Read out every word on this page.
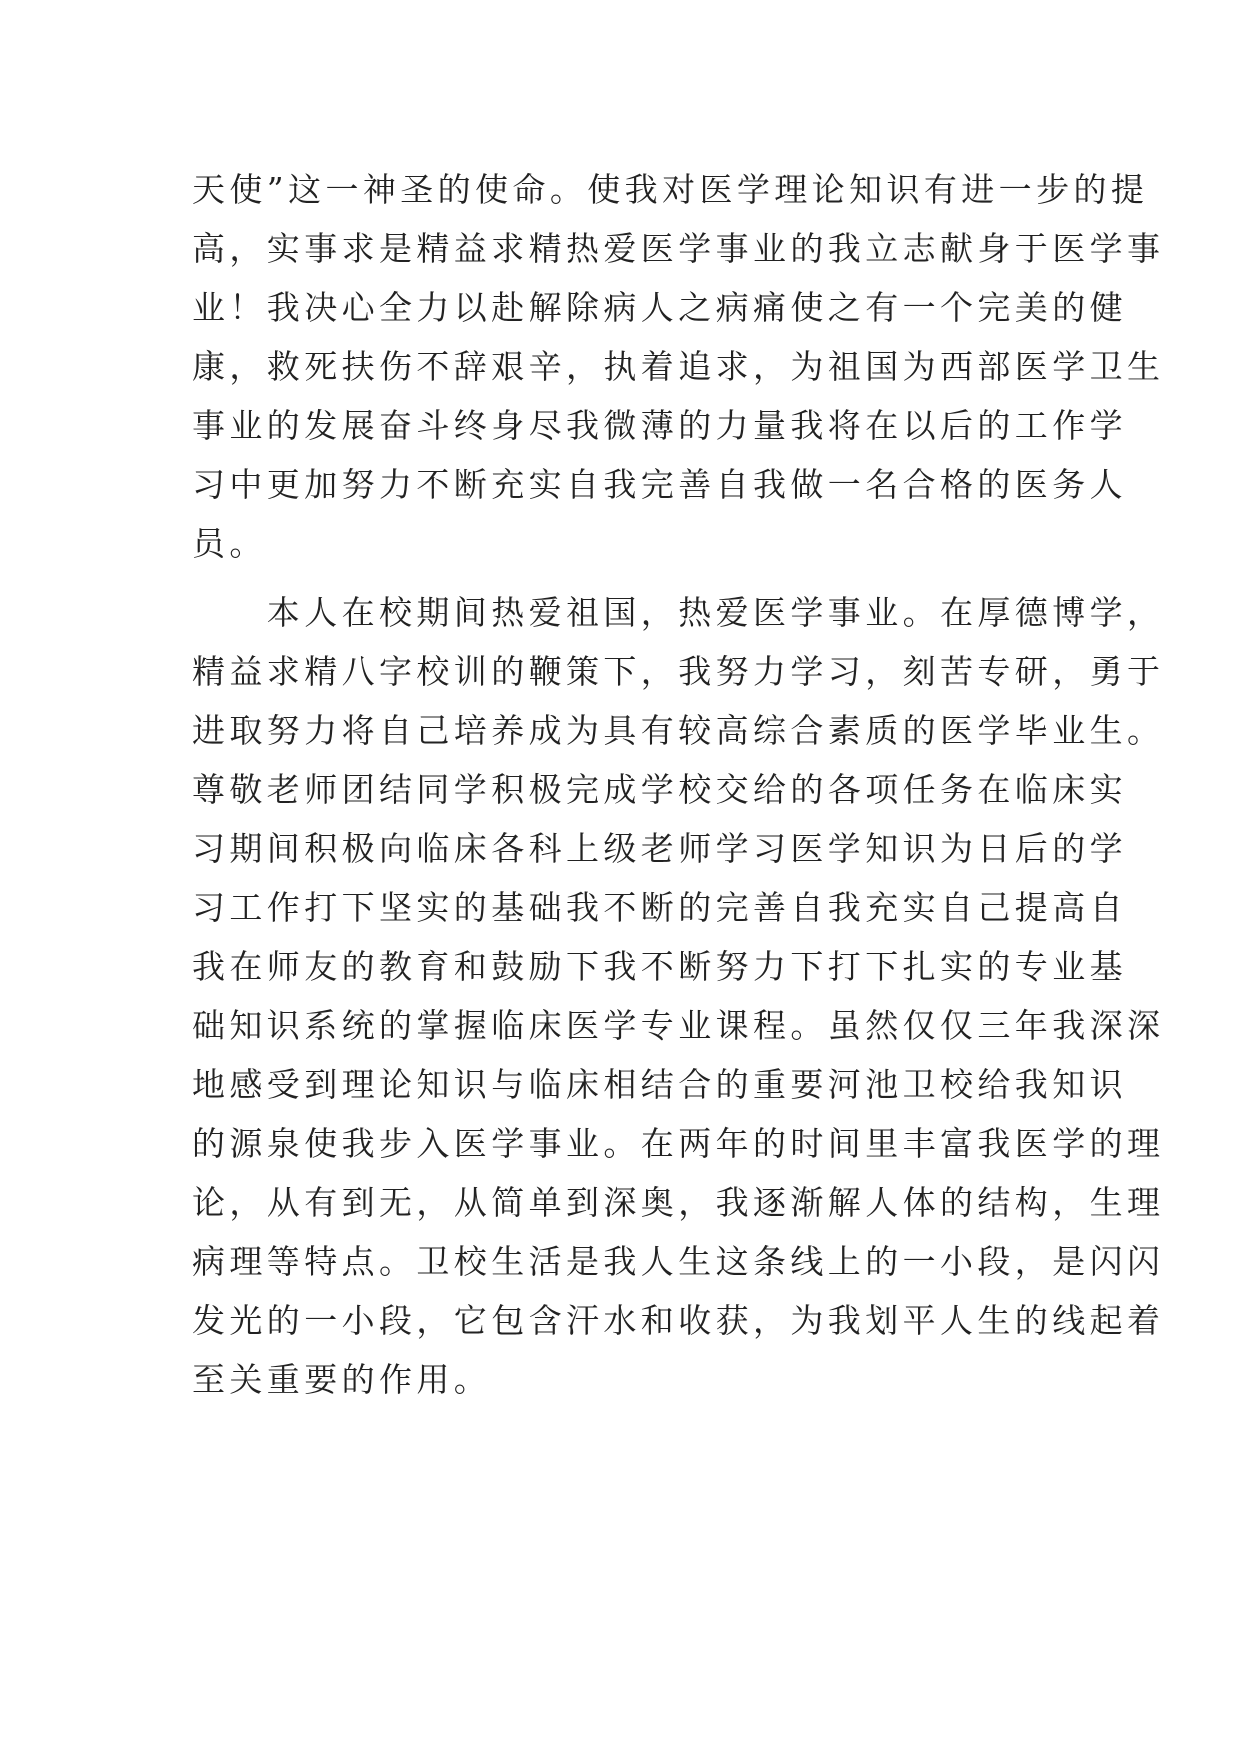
天使”这一神圣的使命。使我对医学理论知识有进一步的提
高，实事求是精益求精热爱医学事业的我立志献身于医学事
业！我决心全力以赴解除病人之病痛使之有一个完美的健
康，救死扶伤不辞艰辛，执着追求，为祖国为西部医学卫生
事业的发展奋斗终身尽我微薄的力量我将在以后的工作学
习中更加努力不断充实自我完善自我做一名合格的医务人
员。
　　本人在校期间热爱祖国，热爱医学事业。在厚德博学，
精益求精八字校训的鞭策下，我努力学习，刻苦专研，勇于
进取努力将自己培养成为具有较高综合素质的医学毕业生。
尊敬老师团结同学积极完成学校交给的各项任务在临床实
习期间积极向临床各科上级老师学习医学知识为日后的学
习工作打下坚实的基础我不断的完善自我充实自己提高自
我在师友的教育和鼓励下我不断努力下打下扎实的专业基
础知识系统的掌握临床医学专业课程。虽然仅仅三年我深深
地感受到理论知识与临床相结合的重要河池卫校给我知识
的源泉使我步入医学事业。在两年的时间里丰富我医学的理
论，从有到无，从简单到深奥，我逐渐解人体的结构，生理
病理等特点。卫校生活是我人生这条线上的一小段，是闪闪
发光的一小段，它包含汗水和收获，为我划平人生的线起着
至关重要的作用。
